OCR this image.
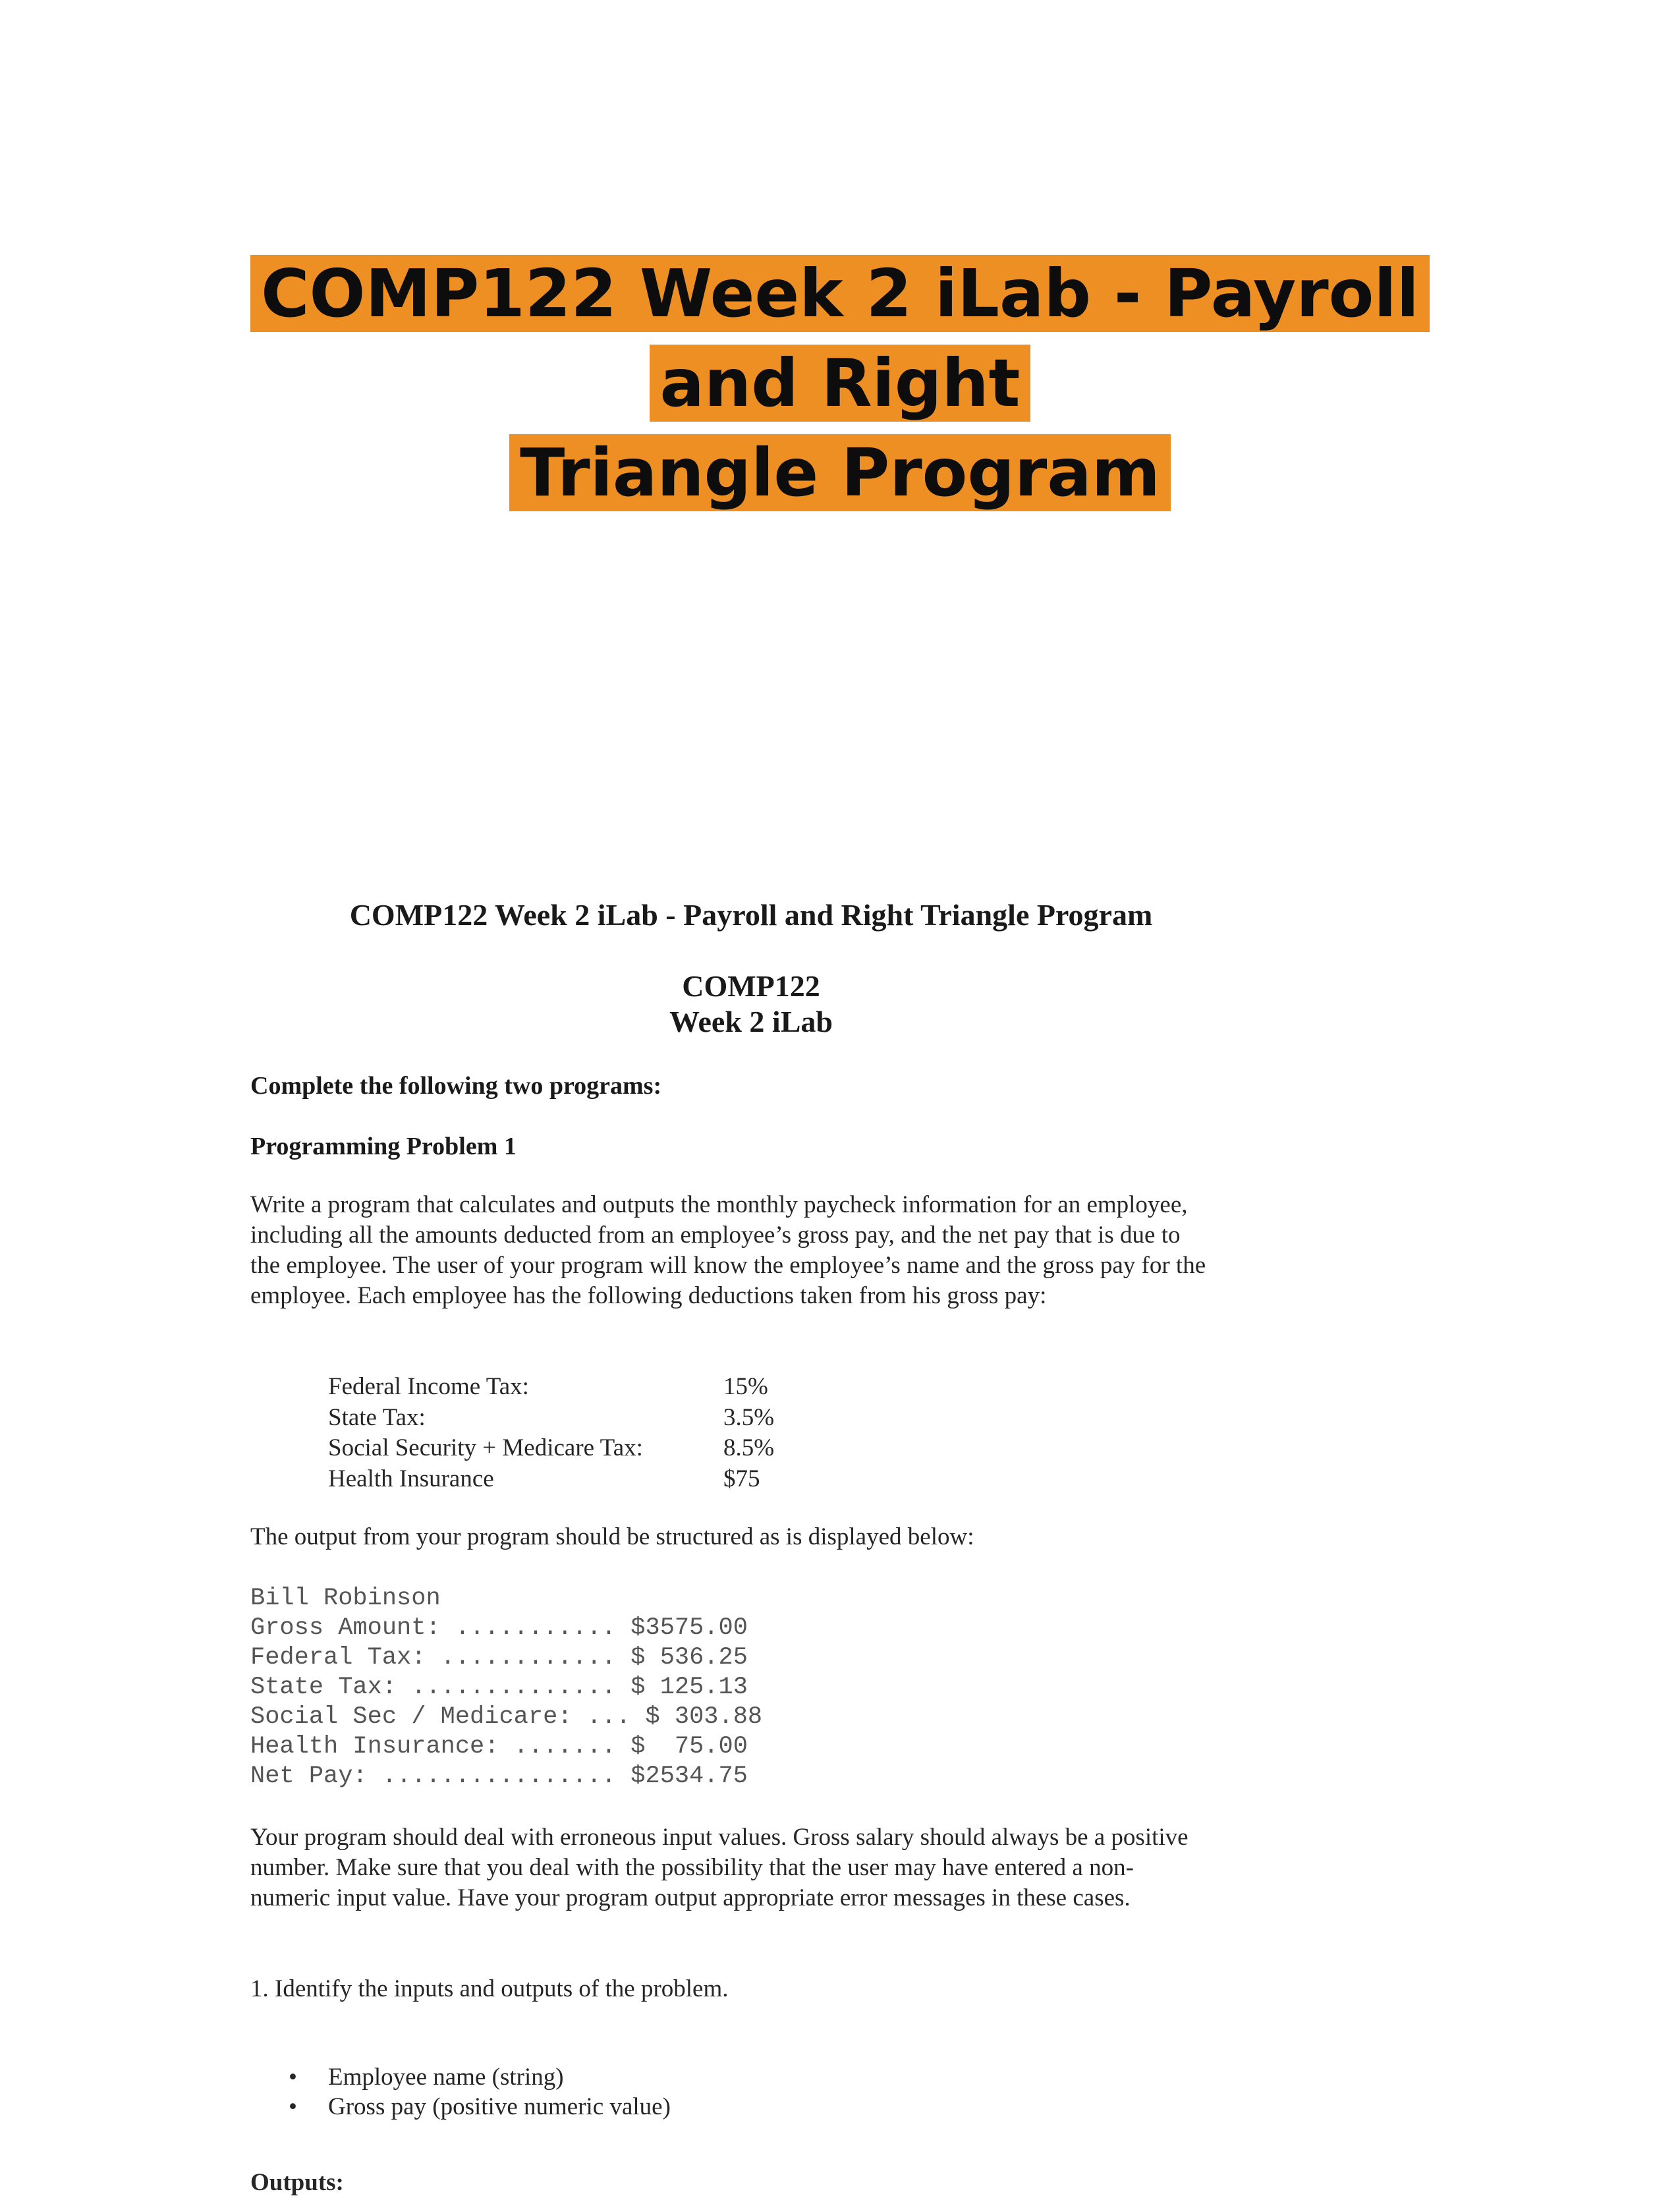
COMP122 Week 2 iLab - Payroll and Right
Triangle Program
COMP122 Week 2 iLab - Payroll and Right Triangle Program
COMP122
Week 2 iLab
Complete the following two programs:
Programming Problem 1

Write a program that calculates and outputs the monthly paycheck information for an employee, including all the amounts deducted from an employee’s gross pay, and the net pay that is due to the employee. The user of your program will know the employee’s name and the gross pay for the employee. Each employee has the following deductions taken from his gross pay:

Federal Income Tax:	15%
State Tax:	3.5%
Social Security + Medicare Tax:	8.5%
Health Insurance	$75

The output from your program should be structured as is displayed below:

Bill Robinson
Gross Amount: ........... $3575.00
Federal Tax: ............ $ 536.25
State Tax: .............. $ 125.13
Social Sec / Medicare: ... $ 303.88
Health Insurance: ....... $  75.00
Net Pay: ................ $2534.75

Your program should deal with erroneous input values. Gross salary should always be a positive number. Make sure that you deal with the possibility that the user may have entered a non-numeric input value. Have your program output appropriate error messages in these cases.

1. Identify the inputs and outputs of the problem.

• Employee name (string)
• Gross pay (positive numeric value)

Outputs:
